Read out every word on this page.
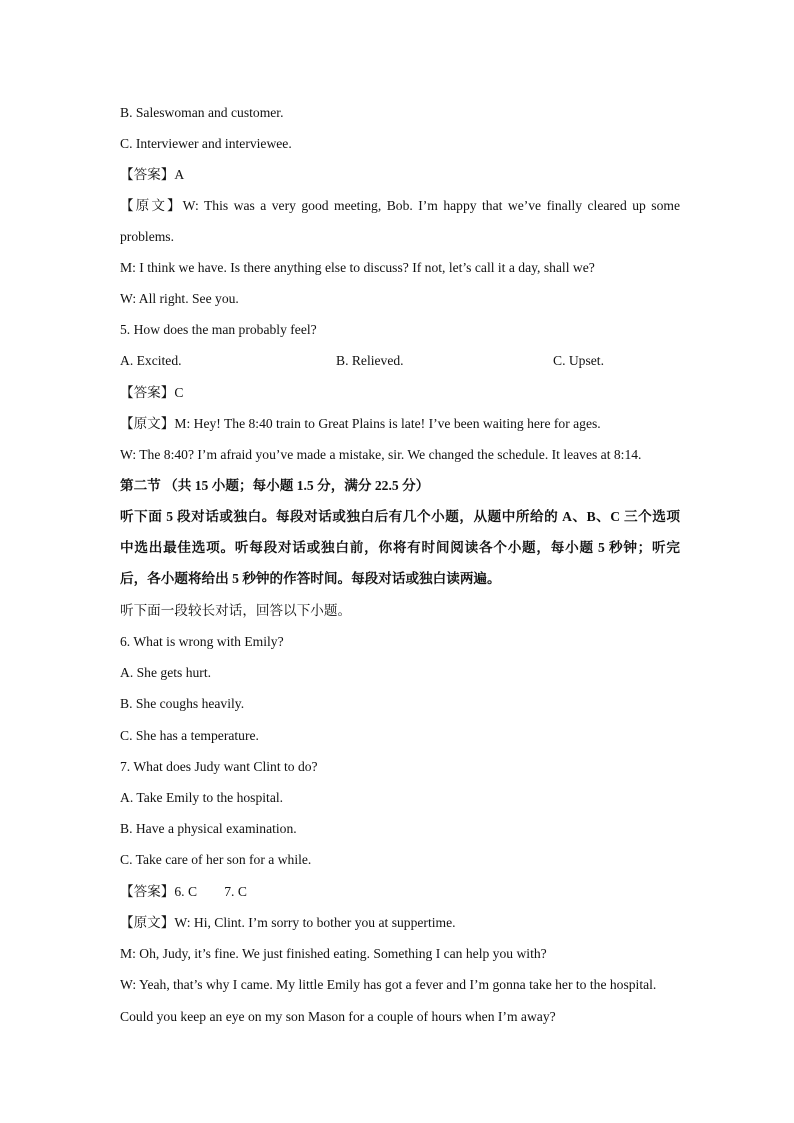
B. Saleswoman and customer.
C. Interviewer and interviewee.
【答案】A
【原文】W: This was a very good meeting, Bob. I’m happy that we’ve finally cleared up some
problems.
M: I think we have. Is there anything else to discuss? If not, let’s call it a day, shall we?
W: All right. See you.
5. How does the man probably feel?
A. Excited.	B. Relieved.	C. Upset.
【答案】C
【原文】M: Hey! The 8:40 train to Great Plains is late! I’ve been waiting here for ages.
W: The 8:40? I’m afraid you’ve made a mistake, sir. We changed the schedule. It leaves at 8:14.
第二节 （共 15 小题；每小题 1.5 分，满分 22.5 分）
听下面 5 段对话或独白。每段对话或独白后有几个小题，从题中所给的 A、B、C 三个选项
中选出最佳选项。听每段对话或独白前，你将有时间阅读各个小题，每小题 5 秒钟；听完
后，各小题将给出 5 秒钟的作答时间。每段对话或独白读两遍。
听下面一段较长对话，回答以下小题。
6. What is wrong with Emily?
A. She gets hurt.
B. She coughs heavily.
C. She has a temperature.
7. What does Judy want Clint to do?
A. Take Emily to the hospital.
B. Have a physical examination.
C. Take care of her son for a while.
【答案】6. C        7. C
【原文】W: Hi, Clint. I’m sorry to bother you at suppertime.
M: Oh, Judy, it’s fine. We just finished eating. Something I can help you with?
W: Yeah, that’s why I came. My little Emily has got a fever and I’m gonna take her to the hospital.
Could you keep an eye on my son Mason for a couple of hours when I’m away?
